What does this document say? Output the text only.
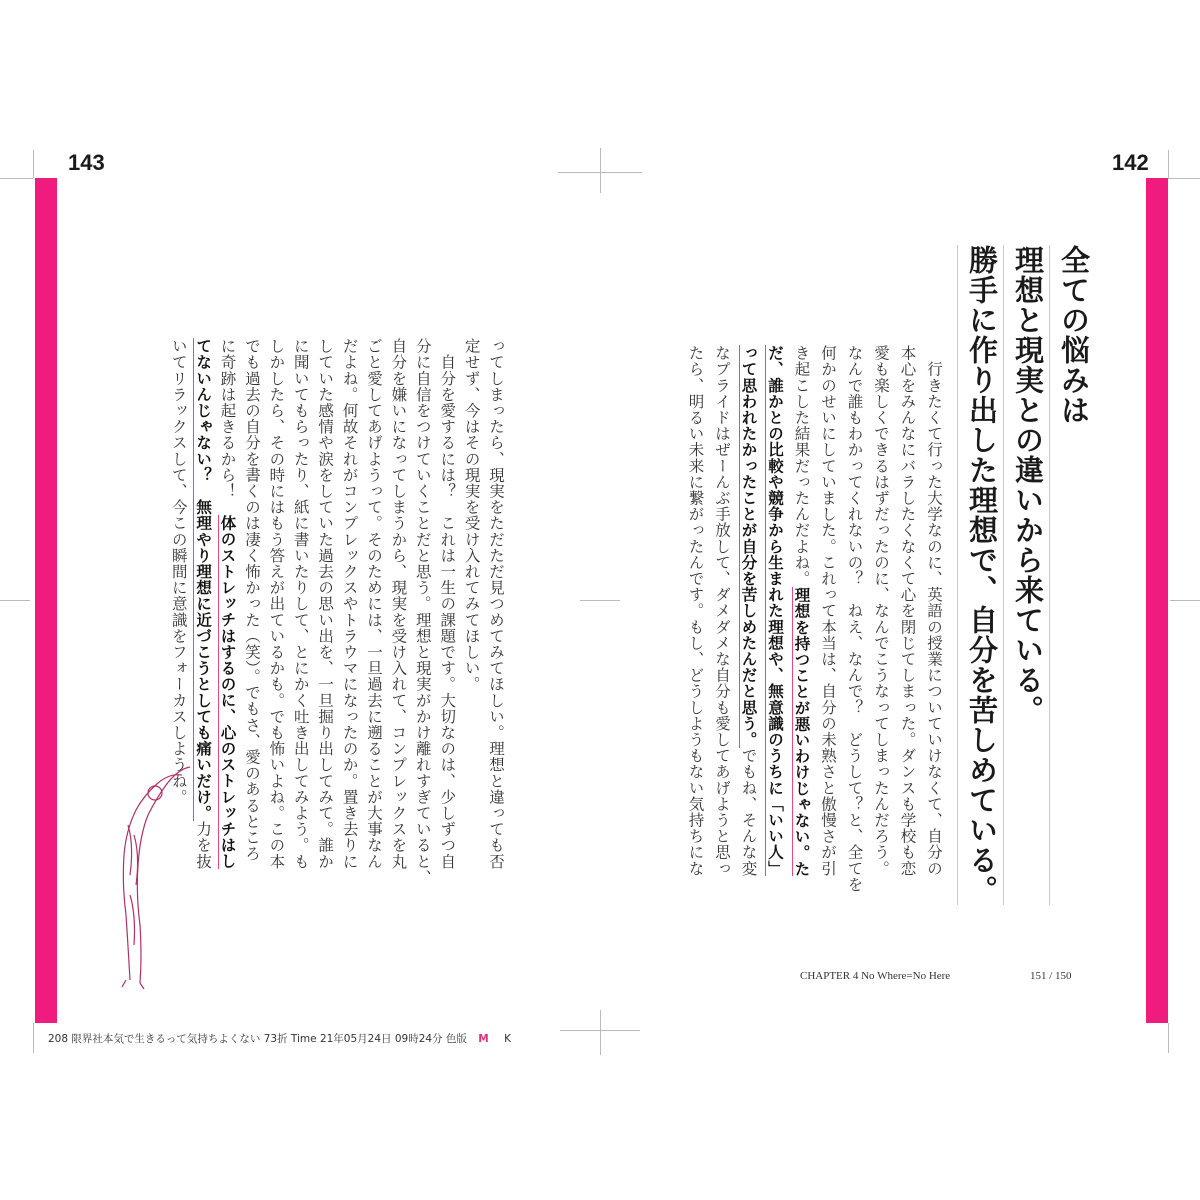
143	142
全ての悩みは
理想と現実との違いから来ている。
勝手に作り出した理想で、自分を苦しめている。
　行きたくて行った大学なのに、英語の授業についていけなくて、自分の
本心をみんなにバラしたくなくて心を閉じてしまった。ダンスも学校も恋
愛も楽しくできるはずだったのに、なんでこうなってしまったんだろう。
なんで誰もわかってくれないの？　ねえ、なんで？　どうして？と、全てを
何かのせいにしていました。これって本当は、自分の未熟さと傲慢さが引
き起こした結果だったんだよね。理想を持つことが悪いわけじゃない。た
だ、誰かとの比較や競争から生まれた理想や、無意識のうちに「いい人」
って思われたかったことが自分を苦しめたんだと思う。でもね、そんな変
なプライドはぜーんぶ手放して、ダメダメな自分も愛してあげようと思っ
たら、明るい未来に繋がったんです。もし、どうしようもない気持ちにな
ってしまったら、現実をただただ見つめてみてほしい。理想と違っても否
定せず、今はその現実を受け入れてみてほしい。
　自分を愛するには？　これは一生の課題です。大切なのは、少しずつ自
分に自信をつけていくことだと思う。理想と現実がかけ離れすぎていると、
自分を嫌いになってしまうから、現実を受け入れて、コンプレックスを丸
ごと愛してあげようって。そのためには、一旦過去に遡ることが大事なん
だよね。何故それがコンプレックスやトラウマになったのか。置き去りに
していた感情や涙をしていた過去の思い出を、一旦掘り出してみて。誰か
に聞いてもらったり、紙に書いたりして、とにかく吐き出してみよう。も
しかしたら、その時にはもう答えが出ているかも。でも怖いよね。この本
でも過去の自分を書くのは凄く怖かった（笑）。でもさ、愛のあるところ
に奇跡は起きるから！　体のストレッチはするのに、心のストレッチはし
てないんじゃない？　無理やり理想に近づこうとしても痛いだけ。力を抜
いてリラックスして、今この瞬間に意識をフォーカスしようね。
CHAPTER 4 No Where=No Here	151 / 150
208 限界社本気で生きるって気持ちよくない 73折 Time 21年05月24日 09時24分 色版 M K
